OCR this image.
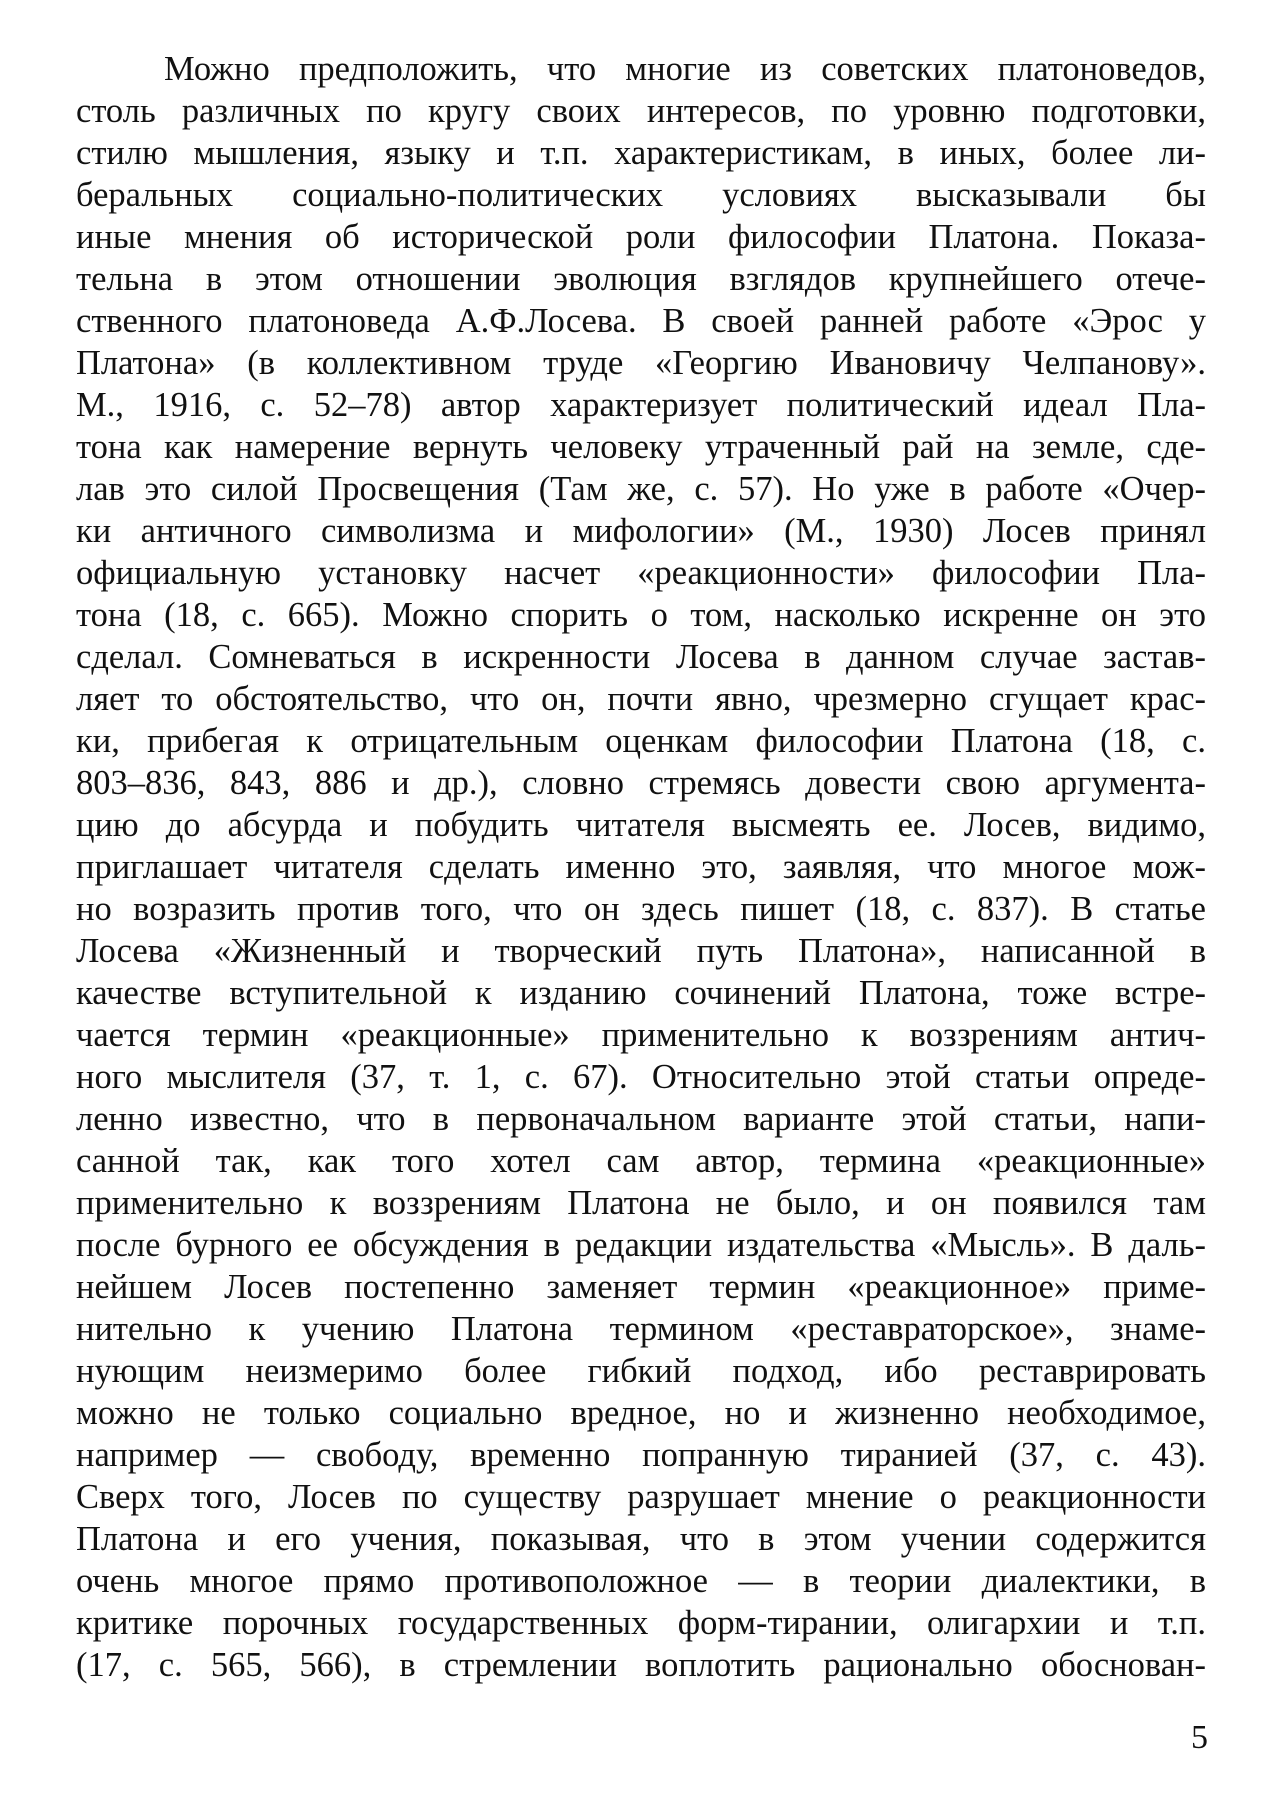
Можно предположить, что многие из советских платоноведов,
столь различных по кругу своих интересов, по уровню подготовки,
стилю мышления, языку и т.п. характеристикам, в иных, более ли-
беральных социально-политических условиях высказывали бы
иные мнения об исторической роли философии Платона. Показа-
тельна в этом отношении эволюция взглядов крупнейшего отече-
ственного платоноведа А.Ф.Лосева. В своей ранней работе «Эрос у
Платона» (в коллективном труде «Георгию Ивановичу Челпанову».
М., 1916, с. 52–78) автор характеризует политический идеал Пла-
тона как намерение вернуть человеку утраченный рай на земле, сде-
лав это силой Просвещения (Там же, с. 57). Но уже в работе «Очер-
ки античного символизма и мифологии» (М., 1930) Лосев принял
официальную установку насчет «реакционности» философии Пла-
тона (18, с. 665). Можно спорить о том, насколько искренне он это
сделал. Сомневаться в искренности Лосева в данном случае застав-
ляет то обстоятельство, что он, почти явно, чрезмерно сгущает крас-
ки, прибегая к отрицательным оценкам философии Платона (18, с.
803–836, 843, 886 и др.), словно стремясь довести свою аргумента-
цию до абсурда и побудить читателя высмеять ее. Лосев, видимо,
приглашает читателя сделать именно это, заявляя, что многое мож-
но возразить против того, что он здесь пишет (18, с. 837). В статье
Лосева «Жизненный и творческий путь Платона», написанной в
качестве вступительной к изданию сочинений Платона, тоже встре-
чается термин «реакционные» применительно к воззрениям антич-
ного мыслителя (37, т. 1, с. 67). Относительно этой статьи опреде-
ленно известно, что в первоначальном варианте этой статьи, напи-
санной так, как того хотел сам автор, термина «реакционные»
применительно к воззрениям Платона не было, и он появился там
после бурного ее обсуждения в редакции издательства «Мысль». В даль-
нейшем Лосев постепенно заменяет термин «реакционное» приме-
нительно к учению Платона термином «реставраторское», знаме-
нующим неизмеримо более гибкий подход, ибо реставрировать
можно не только социально вредное, но и жизненно необходимое,
например — свободу, временно попранную тиранией (37, с. 43).
Сверх того, Лосев по существу разрушает мнение о реакционности
Платона и его учения, показывая, что в этом учении содержится
очень многое прямо противоположное — в теории диалектики, в
критике порочных государственных форм-тирании, олигархии и т.п.
(17, с. 565, 566), в стремлении воплотить рационально обоснован-
5
